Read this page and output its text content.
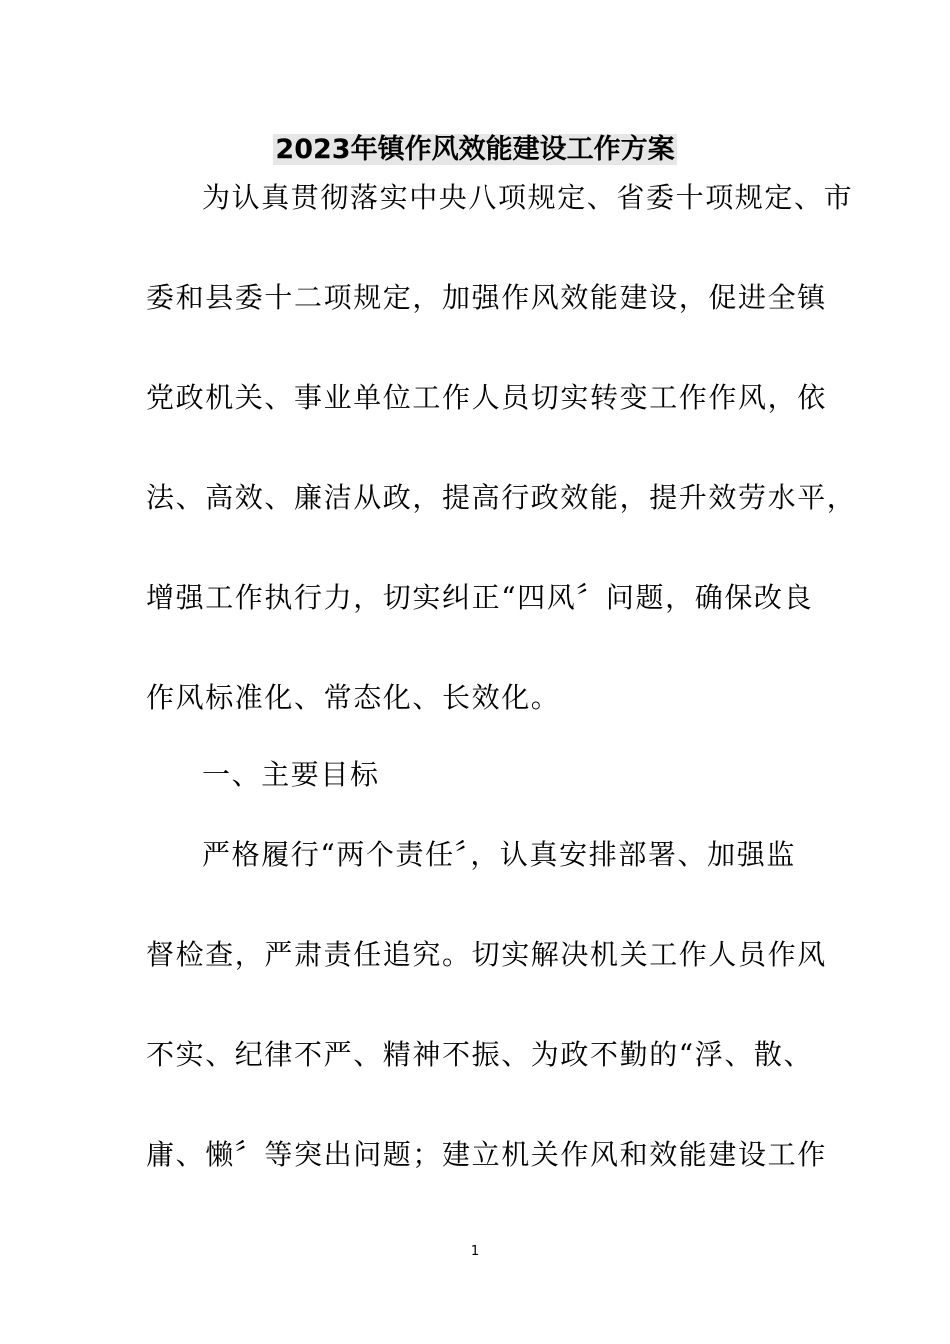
2023年镇作风效能建设工作方案
为认真贯彻落实中央八项规定、省委十项规定、市
委和县委十二项规定，加强作风效能建设，促进全镇
党政机关、事业单位工作人员切实转变工作作风，依
法、高效、廉洁从政，提高行政效能，提升效劳水平，
增强工作执行力，切实纠正“四风〞问题，确保改良
作风标准化、常态化、长效化。
一、主要目标
严格履行“两个责任〞，认真安排部署、加强监
督检查，严肃责任追究。切实解决机关工作人员作风
不实、纪律不严、精神不振、为政不勤的“浮、散、
庸、懒〞等突出问题；建立机关作风和效能建设工作
1
